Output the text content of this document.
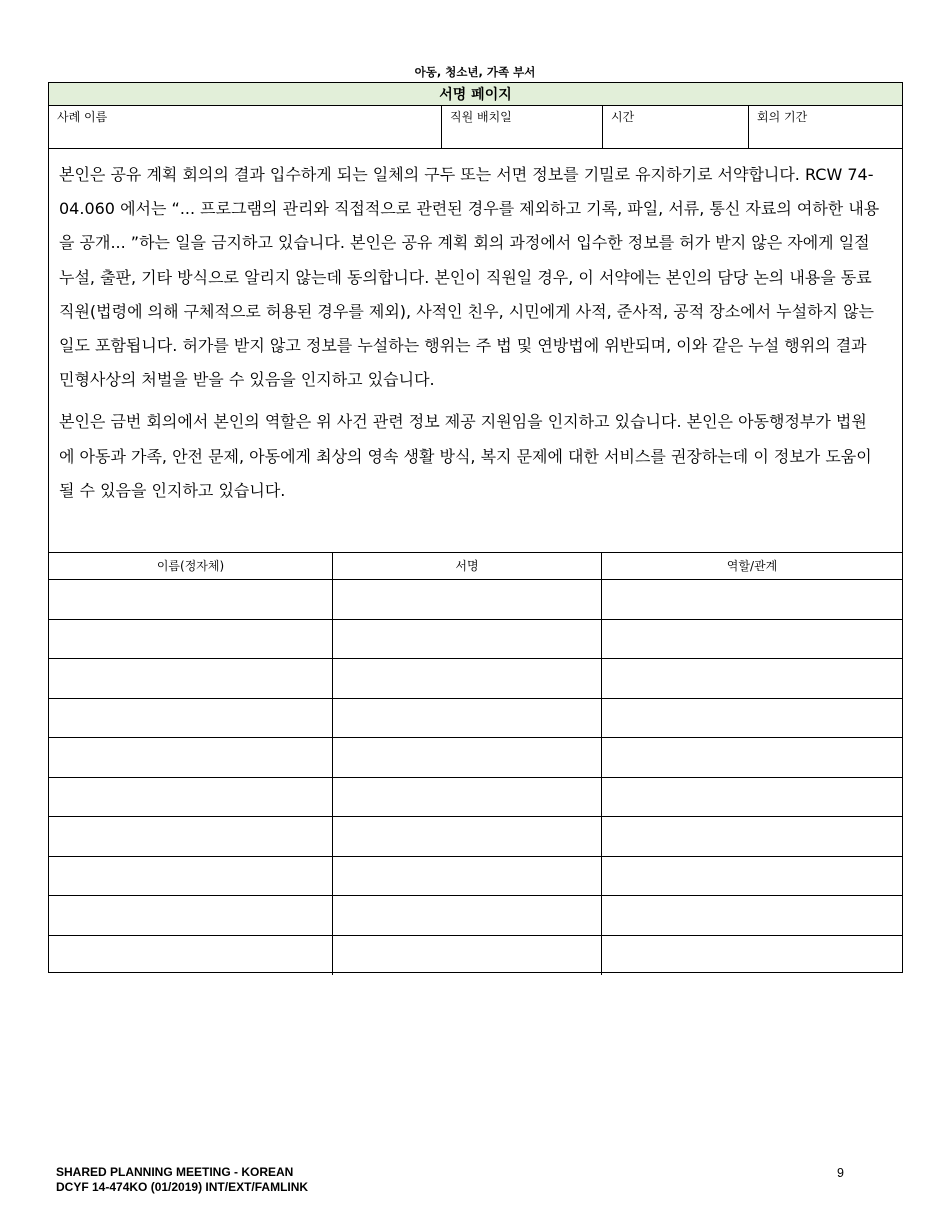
아동, 청소년, 가족 부서
서명 페이지
사례 이름	직원 배치일	시간	회의 기간

본인은 공유 계획 회의의 결과 입수하게 되는 일체의 구두 또는 서면 정보를 기밀로 유지하기로 서약합니다. RCW 74-04.060 에서는 “... 프로그램의 관리와 직접적으로 관련된 경우를 제외하고 기록, 파일, 서류, 통신 자료의 여하한 내용을 공개... ”하는 일을 금지하고 있습니다. 본인은 공유 계획 회의 과정에서 입수한 정보를 허가 받지 않은 자에게 일절 누설, 출판, 기타 방식으로 알리지 않는데 동의합니다. 본인이 직원일 경우, 이 서약에는 본인의 담당 논의 내용을 동료 직원(법령에 의해 구체적으로 허용된 경우를 제외), 사적인 친우, 시민에게 사적, 준사적, 공적 장소에서 누설하지 않는 일도 포함됩니다. 허가를 받지 않고 정보를 누설하는 행위는 주 법 및 연방법에 위반되며, 이와 같은 누설 행위의 결과 민형사상의 처벌을 받을 수 있음을 인지하고 있습니다.

본인은 금번 회의에서 본인의 역할은 위 사건 관련 정보 제공 지원임을 인지하고 있습니다. 본인은 아동행정부가 법원에 아동과 가족, 안전 문제, 아동에게 최상의 영속 생활 방식, 복지 문제에 대한 서비스를 권장하는데 이 정보가 도움이 될 수 있음을 인지하고 있습니다.

이름(정자체)	서명	역할/관계
SHARED PLANNING MEETING - KOREAN
DCYF 14-474KO (01/2019) INT/EXT/FAMLINK
9
